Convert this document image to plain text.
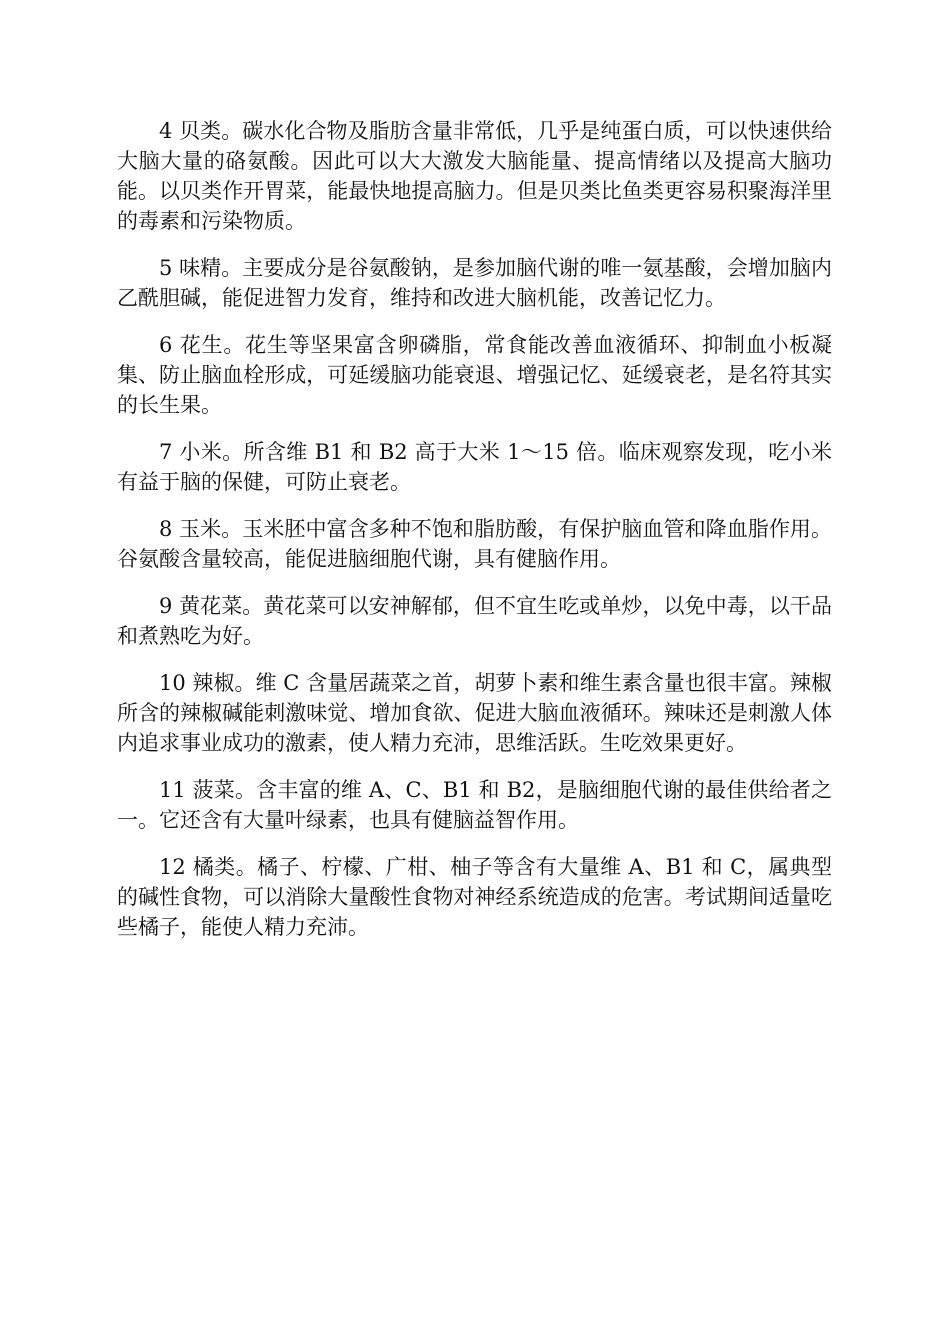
4 贝类。碳水化合物及脂肪含量非常低，几乎是纯蛋白质，可以快速供给大脑大量的硌氨酸。因此可以大大激发大脑能量、提高情绪以及提高大脑功能。以贝类作开胃菜，能最快地提高脑力。但是贝类比鱼类更容易积聚海洋里的毒素和污染物质。

5 味精。主要成分是谷氨酸钠，是参加脑代谢的唯一氨基酸，会增加脑内乙酰胆碱，能促进智力发育，维持和改进大脑机能，改善记忆力。

6 花生。花生等坚果富含卵磷脂，常食能改善血液循环、抑制血小板凝集、防止脑血栓形成，可延缓脑功能衰退、增强记忆、延缓衰老，是名符其实的长生果。

7 小米。所含维 B1 和 B2 高于大米 1～15 倍。临床观察发现，吃小米有益于脑的保健，可防止衰老。

8 玉米。玉米胚中富含多种不饱和脂肪酸，有保护脑血管和降血脂作用。谷氨酸含量较高，能促进脑细胞代谢，具有健脑作用。

9 黄花菜。黄花菜可以安神解郁，但不宜生吃或单炒，以免中毒，以干品和煮熟吃为好。

10 辣椒。维 C 含量居蔬菜之首，胡萝卜素和维生素含量也很丰富。辣椒所含的辣椒碱能刺激味觉、增加食欲、促进大脑血液循环。辣味还是刺激人体内追求事业成功的激素，使人精力充沛，思维活跃。生吃效果更好。

11 菠菜。含丰富的维 A、C、B1 和 B2，是脑细胞代谢的最佳供给者之一。它还含有大量叶绿素，也具有健脑益智作用。

12 橘类。橘子、柠檬、广柑、柚子等含有大量维 A、B1 和 C，属典型的碱性食物，可以消除大量酸性食物对神经系统造成的危害。考试期间适量吃些橘子，能使人精力充沛。
